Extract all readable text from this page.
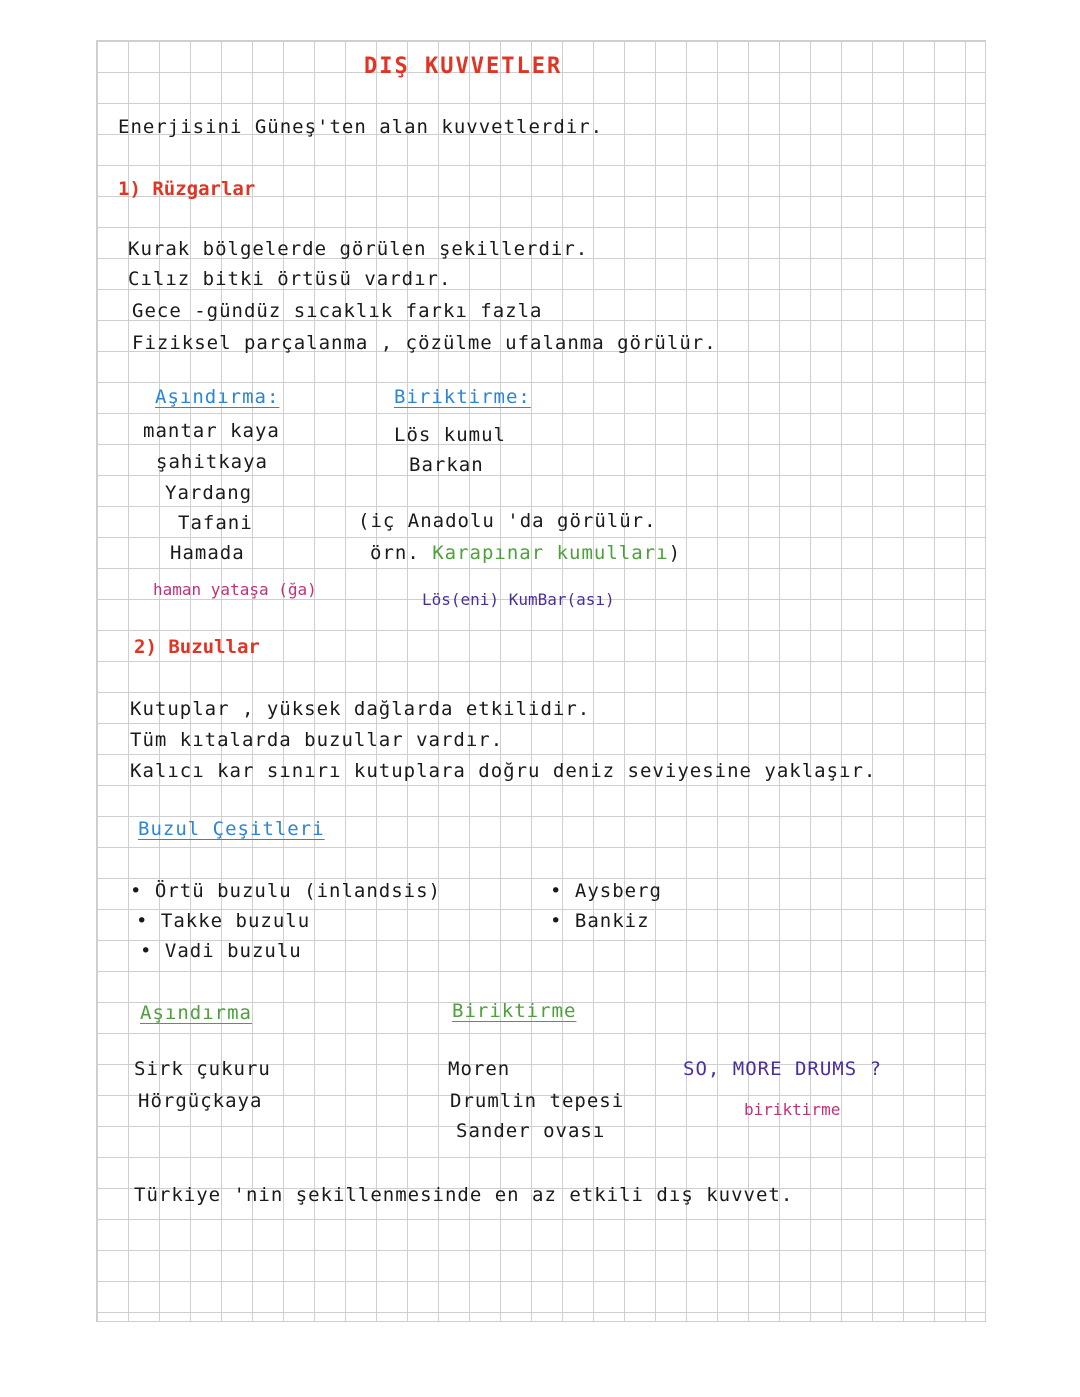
DIŞ KUVVETLER
Enerjisini Güneş'ten alan kuvvetlerdir.
1) Rüzgarlar
Kurak bölgelerde görülen şekillerdir.
Cılız bitki örtüsü vardır.
Gece -gündüz sıcaklık farkı fazla
Fiziksel parçalanma , çözülme ufalanma görülür.
Aşındırma:
mantar kaya
şahitkaya
Yardang
Tafani
Hamada
haman yataşa (ğa)
Biriktirme:
Lös kumul
Barkan
(iç Anadolu 'da görülür.
örn. Karapınar kumulları)
Lös(eni) KumBar(ası)
2) Buzullar
Kutuplar , yüksek dağlarda etkilidir.
Tüm kıtalarda buzullar vardır.
Kalıcı kar sınırı kutuplara doğru deniz seviyesine yaklaşır.
Buzul Çeşitleri
• Örtü buzulu (inlandsis)
• Takke buzulu
• Vadi buzulu
• Aysberg
• Bankiz
Aşındırma
Sirk çukuru
Hörgüçkaya
Biriktirme
Moren
Drumlin tepesi
Sander ovası
SO, MORE DRUMS ?
biriktirme
Türkiye 'nin şekillenmesinde en az etkili dış kuvvet.
